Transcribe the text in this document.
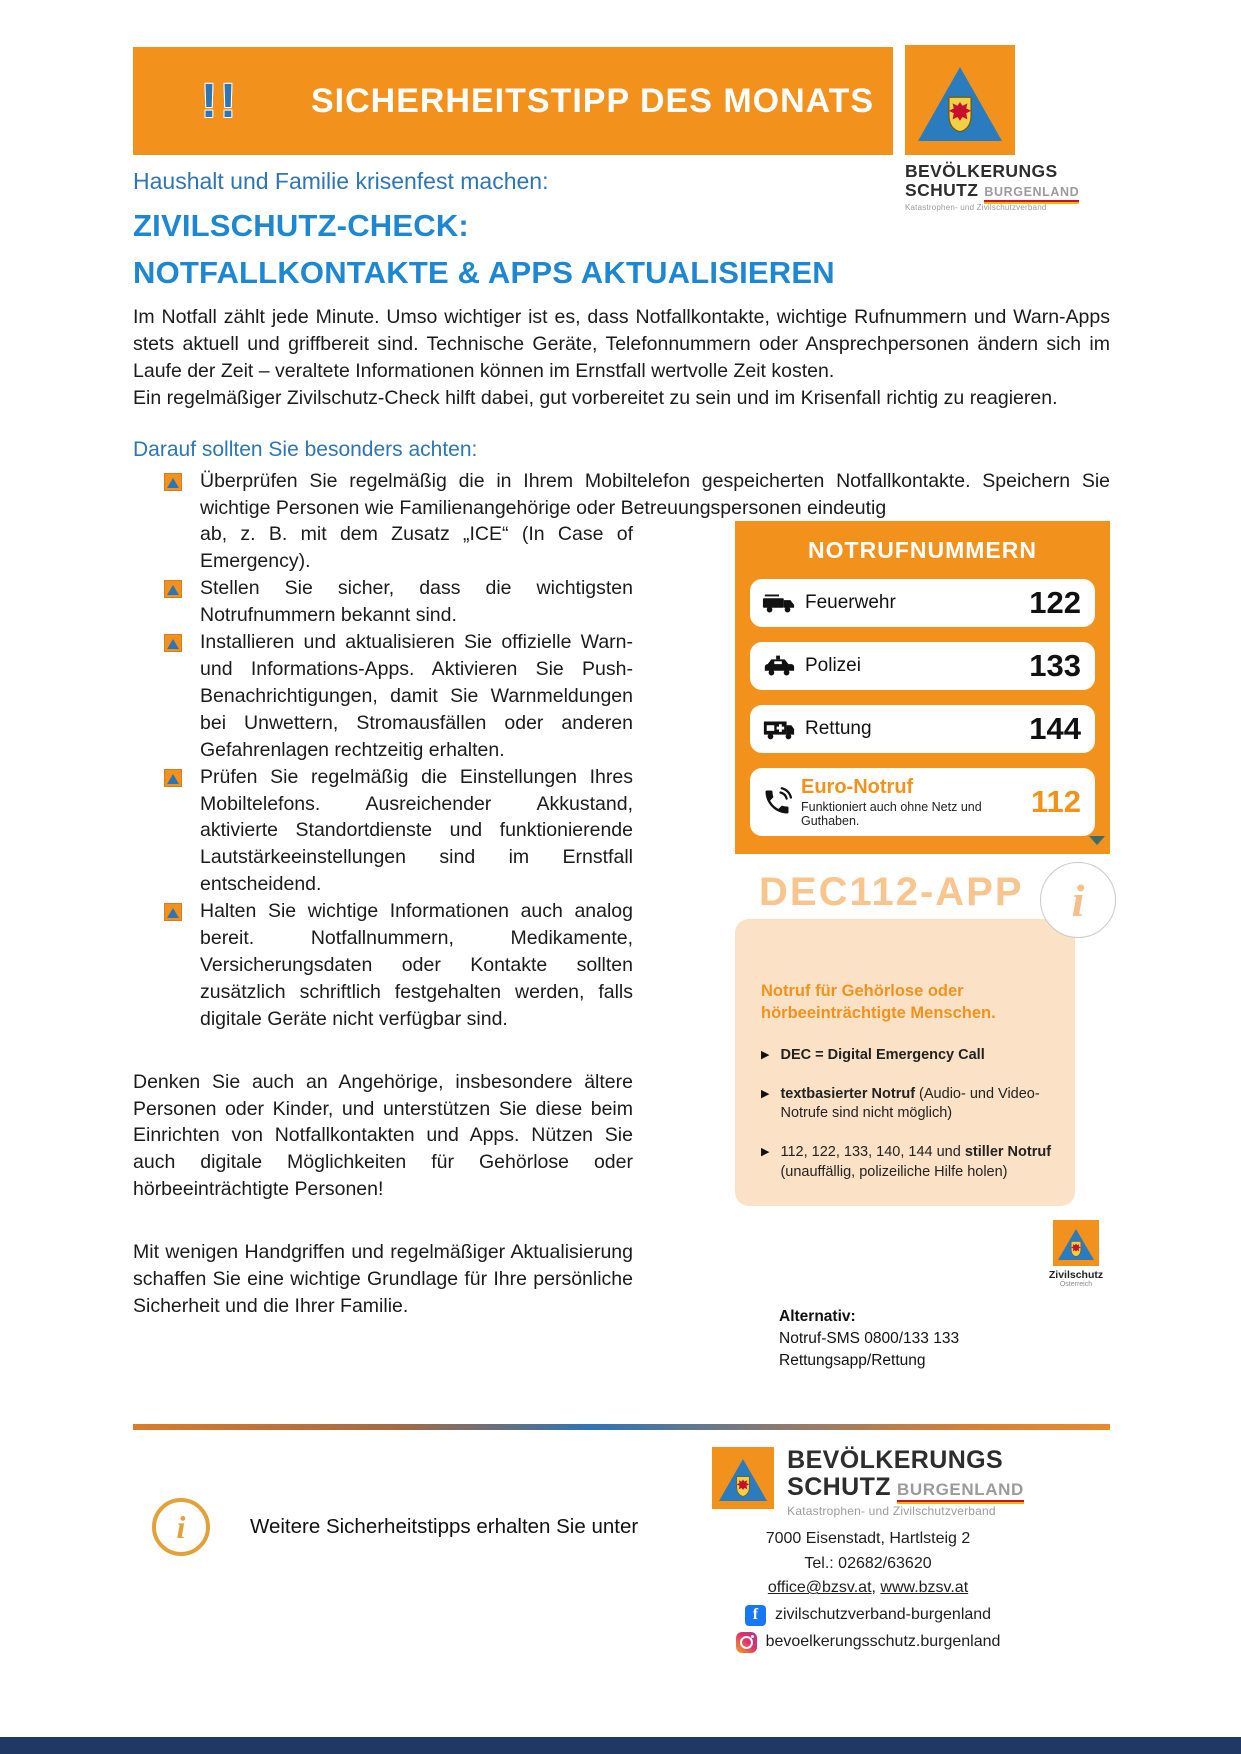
!! SICHERHEITSTIPP DES MONATS
BEVÖLKERUNGS
SCHUTZ BURGENLAND
Katastrophen- und Zivilschutzverband
Haushalt und Familie krisenfest machen:
ZIVILSCHUTZ-CHECK:
NOTFALLKONTAKTE & APPS AKTUALISIEREN

Im Notfall zählt jede Minute. Umso wichtiger ist es, dass Notfallkontakte, wichtige Rufnummern und Warn-Apps stets aktuell und griffbereit sind. Technische Geräte, Telefonnummern oder Ansprechpersonen ändern sich im Laufe der Zeit – veraltete Informationen können im Ernstfall wertvolle Zeit kosten.

Ein regelmäßiger Zivilschutz-Check hilft dabei, gut vorbereitet zu sein und im Krisenfall richtig zu reagieren.

Darauf sollten Sie besonders achten:
Überprüfen Sie regelmäßig die in Ihrem Mobiltelefon gespeicherten Notfallkontakte. Speichern Sie wichtige Personen wie Familienangehörige oder Betreuungspersonen eindeutig
ab, z. B. mit dem Zusatz „ICE“ (In Case of Emergency).
Stellen Sie sicher, dass die wichtigsten Notrufnummern bekannt sind.
Installieren und aktualisieren Sie offizielle Warn- und Informations-Apps. Aktivieren Sie Push-Benachrichtigungen, damit Sie Warnmeldungen bei Unwettern, Stromausfällen oder anderen Gefahrenlagen rechtzeitig erhalten.
Prüfen Sie regelmäßig die Einstellungen Ihres Mobiltelefons. Ausreichender Akkustand, aktivierte Standortdienste und funktionierende Lautstärkeeinstellungen sind im Ernstfall entscheidend.
Halten Sie wichtige Informationen auch analog bereit. Notfallnummern, Medikamente, Versicherungsdaten oder Kontakte sollten zusätzlich schriftlich festgehalten werden, falls digitale Geräte nicht verfügbar sind.

Denken Sie auch an Angehörige, insbesondere ältere Personen oder Kinder, und unterstützen Sie diese beim Einrichten von Notfallkontakten und Apps. Nützen Sie auch digitale Möglichkeiten für Gehörlose oder hörbeeinträchtigte Personen!

Mit wenigen Handgriffen und regelmäßiger Aktualisierung schaffen Sie eine wichtige Grundlage für Ihre persönliche Sicherheit und die Ihrer Familie.

NOTRUFNUMMERN
Feuerwehr	122
Polizei	133
Rettung	144
Euro-Notruf
Funktioniert auch ohne Netz und Guthaben.
112
DEC112-APP	i
Notruf für Gehörlose oder hörbeeinträchtigte Menschen.
▶ DEC = Digital Emergency Call
▶ textbasierter Notruf (Audio- und Video-Notrufe sind nicht möglich)
▶ 112, 122, 133, 140, 144 und stiller Notruf (unauffällig, polizeiliche Hilfe holen)
Zivilschutz
Österreich
Alternativ:
Notruf-SMS 0800/133 133
Rettungsapp/Rettung
i	Weitere Sicherheitstipps erhalten Sie unter
BEVÖLKERUNGS
SCHUTZ BURGENLAND
Katastrophen- und Zivilschutzverband
7000 Eisenstadt, Hartlsteig 2
Tel.: 02682/63620
office@bzsv.at, www.bzsv.at
f	zivilschutzverband-burgenland
bevoelkerungsschutz.burgenland
